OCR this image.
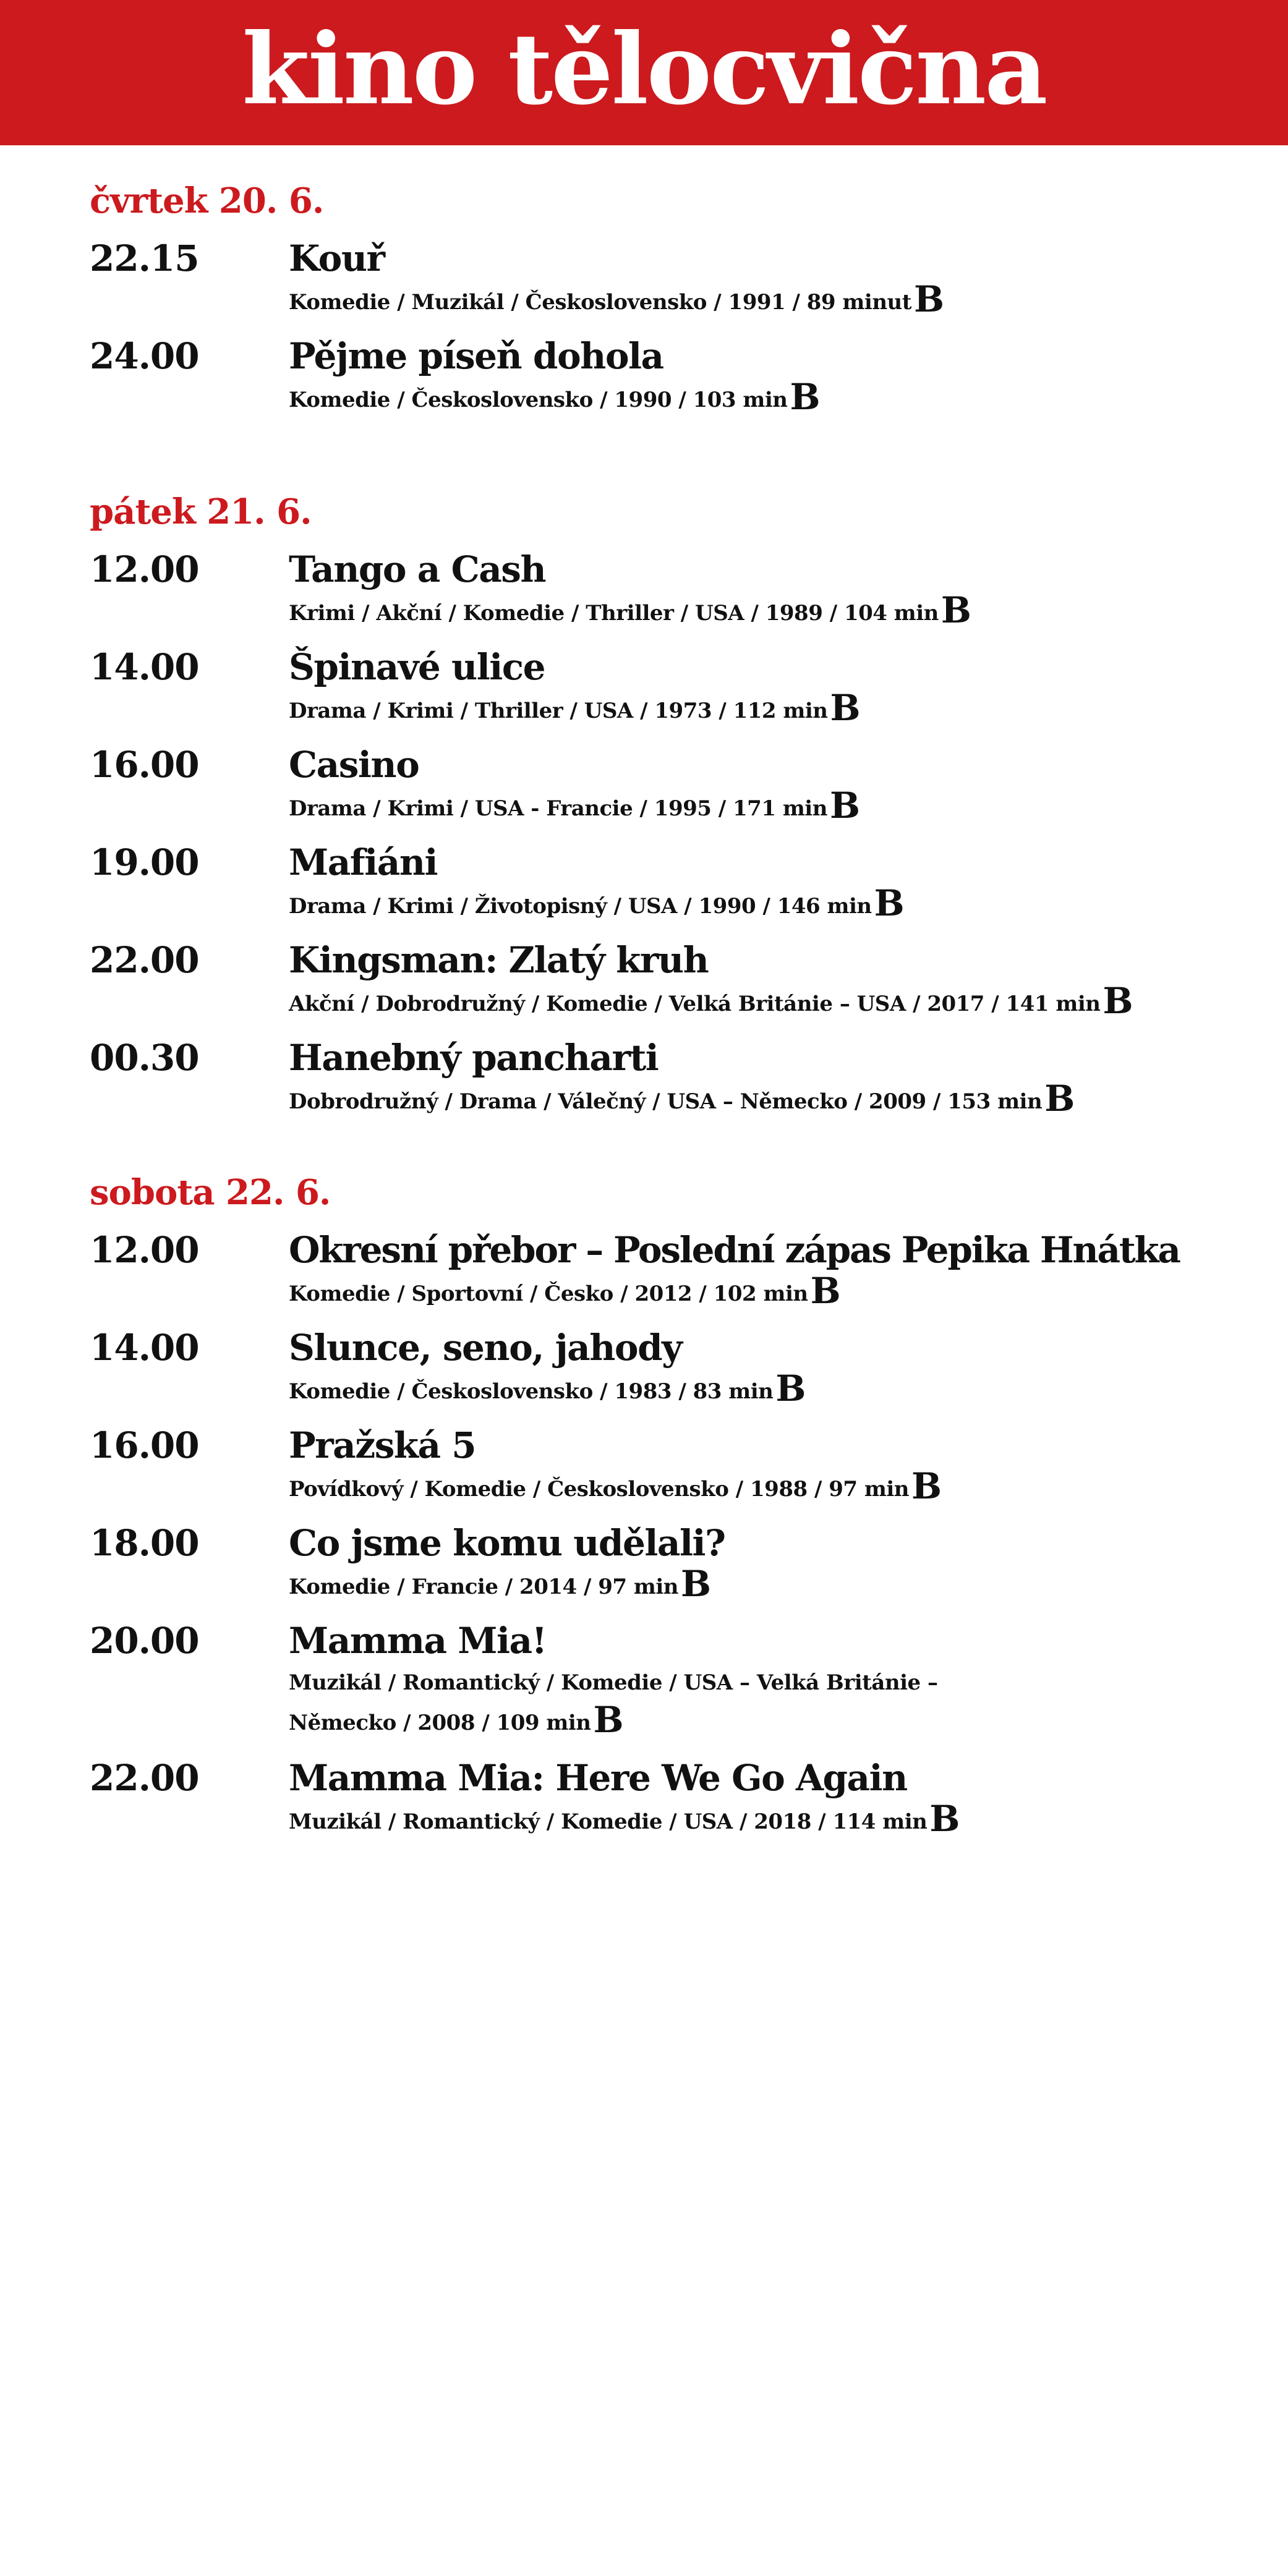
kino tělocvična
čvrtek 20. 6.
22.15	Kouř
Komedie / Muzikál / Československo / 1991 / 89 minutB
24.00	Pějme píseň dohola
Komedie / Československo / 1990 / 103 minB
pátek 21. 6.
12.00	Tango a Cash
Krimi / Akční / Komedie / Thriller / USA / 1989 / 104 minB
14.00	Špinavé ulice
Drama / Krimi / Thriller / USA / 1973 / 112 minB
16.00	Casino
Drama / Krimi / USA - Francie / 1995 / 171 minB
19.00	Mafiáni
Drama / Krimi / Životopisný / USA / 1990 / 146 minB
22.00	Kingsman: Zlatý kruh
Akční / Dobrodružný / Komedie / Velká Británie – USA / 2017 / 141 minB
00.30	Hanebný pancharti
Dobrodružný / Drama / Válečný / USA – Německo / 2009 / 153 minB
sobota 22. 6.
12.00	Okresní přebor – Poslední zápas Pepika Hnátka
Komedie / Sportovní / Česko / 2012 / 102 minB
14.00	Slunce, seno, jahody
Komedie / Československo / 1983 / 83 minB
16.00	Pražská 5
Povídkový / Komedie / Československo / 1988 / 97 minB
18.00	Co jsme komu udělali?
Komedie / Francie / 2014 / 97 minB
20.00	Mamma Mia!
Muzikál / Romantický / Komedie / USA – Velká Británie – Německo / 2008 / 109 minB
22.00	Mamma Mia: Here We Go Again
Muzikál / Romantický / Komedie / USA / 2018 / 114 minB
